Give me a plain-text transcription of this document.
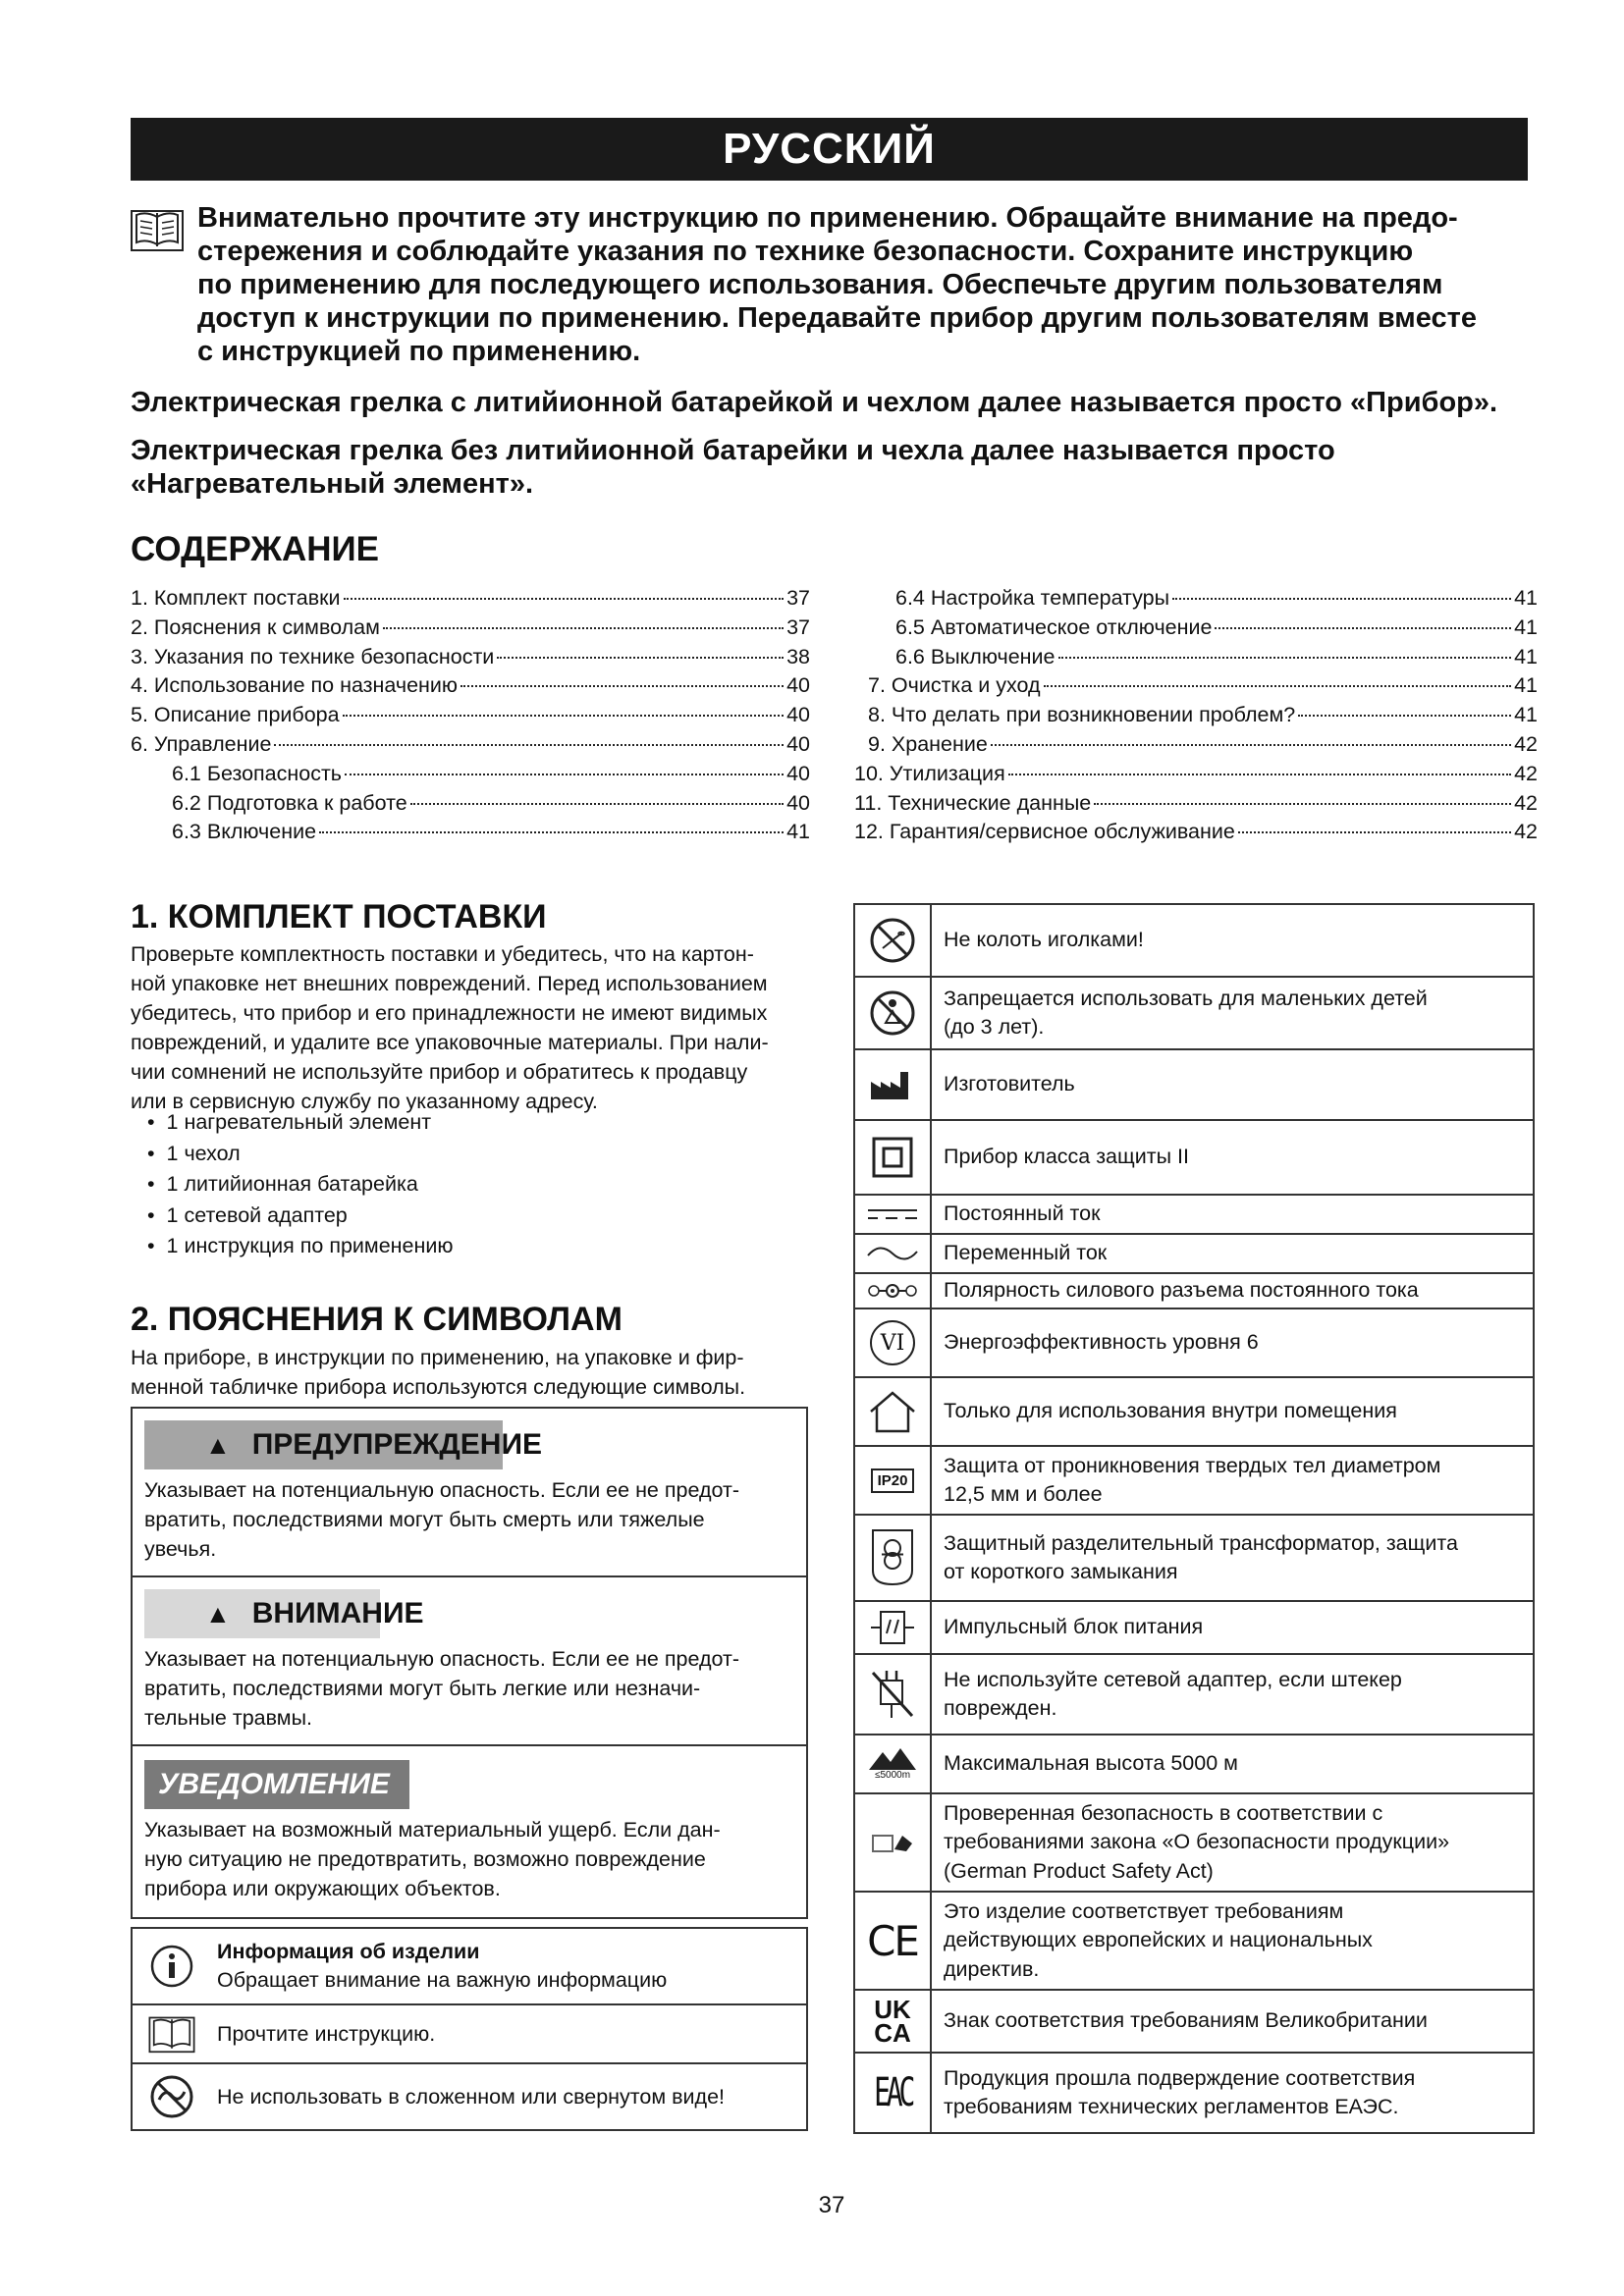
РУССКИЙ
Внимательно прочтите эту инструкцию по применению. Обращайте внимание на предо-
стережения и соблюдайте указания по технике безопасности. Сохраните инструкцию
по применению для последующего использования. Обеспечьте другим пользователям
доступ к инструкции по применению. Передавайте прибор другим пользователям вместе
с инструкцией по применению.

Электрическая грелка с литийионной батарейкой и чехлом далее называется просто «Прибор».

Электрическая грелка без литийионной батарейки и чехла далее называется просто «Нагревательный элемент».

СОДЕРЖАНИЕ
1. Комплект поставки	37
2. Пояснения к символам	37
3. Указания по технике безопасности	38
4. Использование по назначению	40
5. Описание прибора	40
6. Управление	40
6.1 Безопасность	40
6.2 Подготовка к работе	40
6.3 Включение	41
6.4 Настройка температуры	41
6.5 Автоматическое отключение	41
6.6 Выключение	41
7. Очистка и уход	41
8. Что делать при возникновении проблем?	41
9. Хранение	42
10. Утилизация	42
11. Технические данные	42
12. Гарантия/сервисное обслуживание	42
1. КОМПЛЕКТ ПОСТАВКИ
Проверьте комплектность поставки и убедитесь, что на картон-
ной упаковке нет внешних повреждений. Перед использованием
убедитесь, что прибор и его принадлежности не имеют видимых
повреждений, и удалите все упаковочные материалы. При нали-
чии сомнений не используйте прибор и обратитесь к продавцу
или в сервисную службу по указанному адресу.
• 1 нагревательный элемент
• 1 чехол
• 1 литийионная батарейка
• 1 сетевой адаптер
• 1 инструкция по применению
2. ПОЯСНЕНИЯ К СИМВОЛАМ
На приборе, в инструкции по применению, на упаковке и фир-
менной табличке прибора используются следующие символы.
▲ ПРЕДУПРЕЖДЕНИЕ
Указывает на потенциальную опасность. Если ее не предот-
вратить, последствиями могут быть смерть или тяжелые
увечья.
▲ ВНИМАНИЕ
Указывает на потенциальную опасность. Если ее не предот-
вратить, последствиями могут быть легкие или незначи-
тельные травмы.
УВЕДОМЛЕНИЕ
Указывает на возможный материальный ущерб. Если дан-
ную ситуацию не предотвратить, возможно повреждение
прибора или окружающих объектов.
Информация об изделии
Обращает внимание на важную информацию
Прочтите инструкцию.
Не использовать в сложенном или свернутом виде!
Не колоть иголками!
Запрещается использовать для маленьких детей
(до 3 лет).
Изготовитель
Прибор класса защиты II
Постоянный ток
Переменный ток
Полярность силового разъема постоянного тока
VI	Энергоэффективность уровня 6
Только для использования внутри помещения
IP20
Защита от проникновения твердых тел диаметром
12,5 мм и более
Защитный разделительный трансформатор, защита
от короткого замыкания
Импульсный блок питания
Не используйте сетевой адаптер, если штекер
поврежден.
≤5000m Максимальная высота 5000 м
Проверенная безопасность в соответствии с
требованиями закона «О безопасности продукции»
(German Product Safety Act)
CE
Это изделие соответствует требованиям
действующих европейских и национальных
директив.
UK
CA Знак соответствия требованиям Великобритании
EAC Продукция прошла подверждение соответствия
требованиям технических регламентов ЕАЭС.
37
